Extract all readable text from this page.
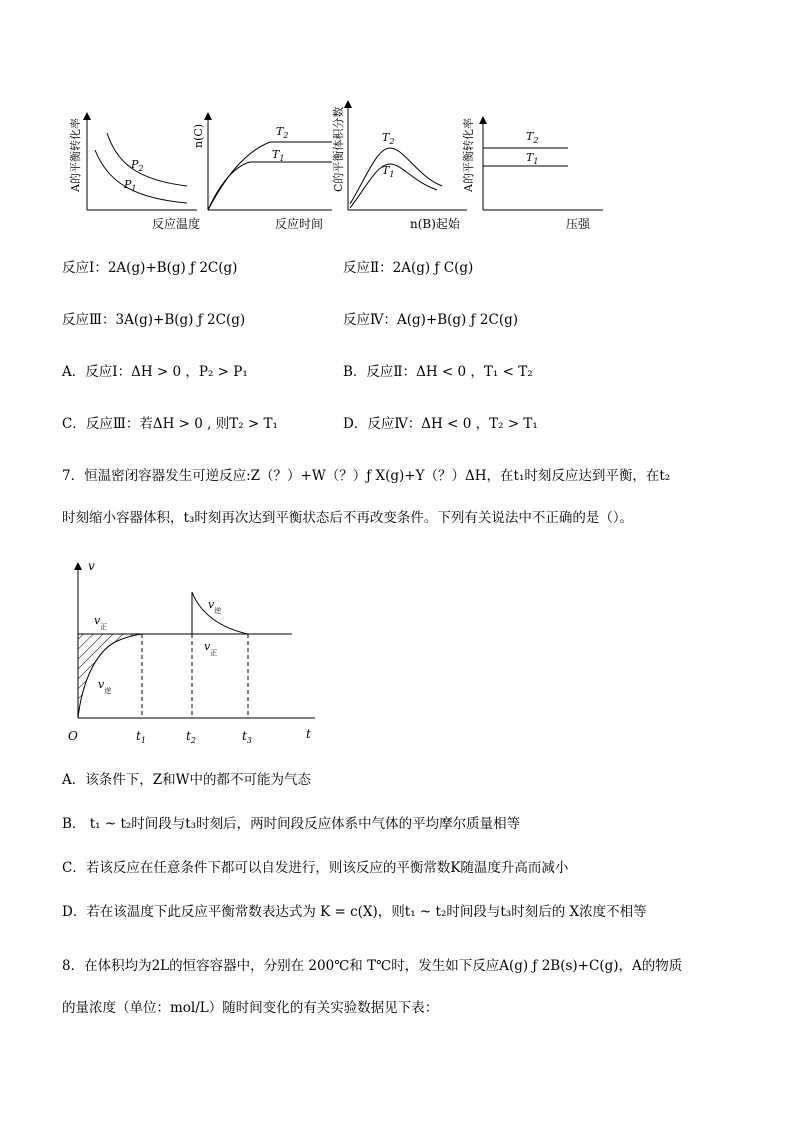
$P_2$
$P_1$
A的平衡转化率
反应温度
$T_2$
$T_1$
n(C)
反应时间
$T_2$
$T_1$
C的平衡体积分数
n(B)起始
$T_2$
$T_1$
A的平衡转化率
压强
反应Ⅰ：2A(g)+B(g) ƒ 2C(g)	反应Ⅱ：2A(g) ƒ C(g)
反应Ⅲ：3A(g)+B(g) ƒ 2C(g)	反应Ⅳ：A(g)+B(g) ƒ 2C(g)
A．反应Ⅰ：ΔH > 0 ，P₂ > P₁	B．反应Ⅱ：ΔH < 0 ，T₁ < T₂
C．反应Ⅲ：若ΔH > 0 , 则T₂ > T₁	D．反应Ⅳ：ΔH < 0 ，T₂ > T₁
7．恒温密闭容器发生可逆反应:Z（？）+W（？）ƒ X(g)+Y（？）ΔH，在t₁时刻反应达到平衡，在t₂
时刻缩小容器体积，t₃时刻再次达到平衡状态后不再改变条件。下列有关说法中不正确的是（）。
v
t
O	$t_1$	$t_2$	$t_3$
$v_正$
$v_逆$
$v_逆$
$v_正$
A．该条件下，Z和W中的都不可能为气态
B． t₁ ~ t₂时间段与t₃时刻后，两时间段反应体系中气体的平均摩尔质量相等
C．若该反应在任意条件下都可以自发进行，则该反应的平衡常数K随温度升高而减小
D．若在该温度下此反应平衡常数表达式为 K = c(X)，则t₁ ~ t₂时间段与t₃时刻后的 X浓度不相等
8．在体积均为2L的恒容容器中，分别在 200℃和 T℃时，发生如下反应A(g) ƒ 2B(s)+C(g)，A的物质
的量浓度（单位：mol/L）随时间变化的有关实验数据见下表：
